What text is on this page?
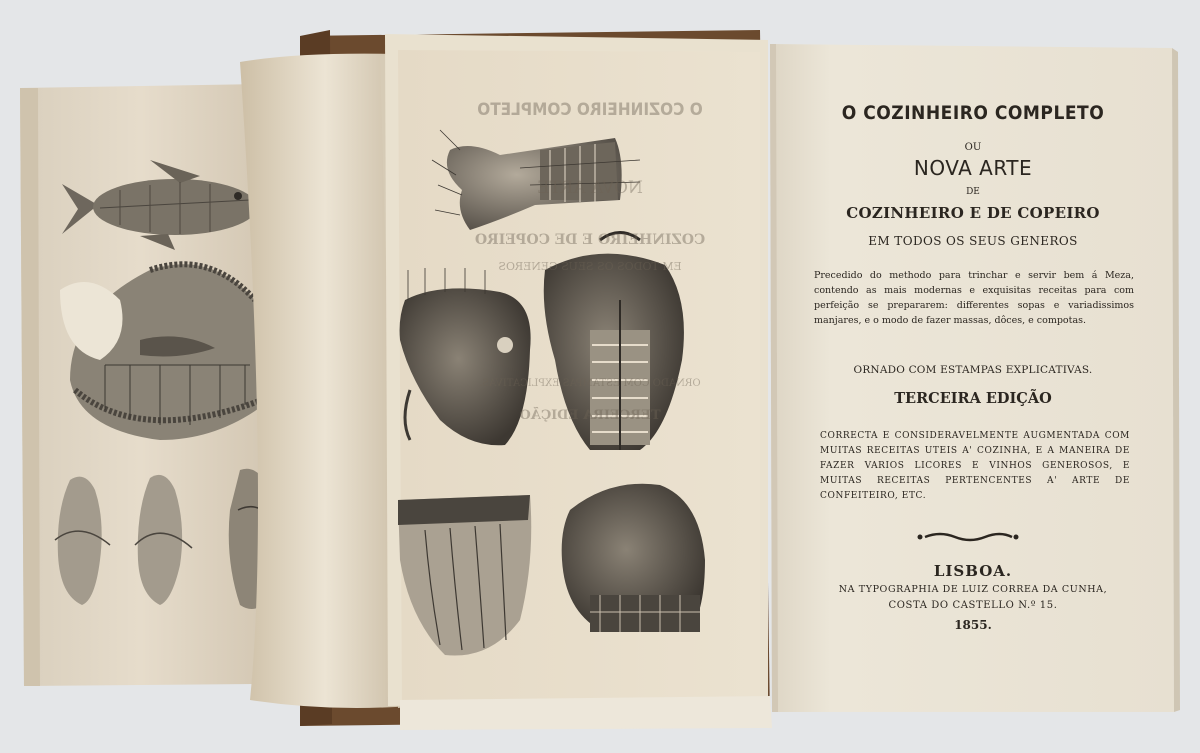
O COZINHEIRO COMPLETO

NOVA ARTE

COZINHEIRO E DE COPEIRO

EM TODOS OS SEUS GENEROS

ORNADO COM ESTAMPAS EXPLICATIVAS.

TERCEIRA EDIÇÃO

O COZINHEIRO COMPLETO

OU

NOVA ARTE

DE

COZINHEIRO E DE COPEIRO

EM TODOS OS SEUS GENEROS

Precedido do methodo para trinchar e servir bem á Meza, contendo as mais modernas e exquisitas receitas para com perfeição se prepararem: differentes sopas e variadissimos manjares, e o modo de fazer massas, dôces, e compotas.

ORNADO COM ESTAMPAS EXPLICATIVAS.

TERCEIRA EDIÇÃO

CORRECTA E CONSIDERAVELMENTE AUGMENTADA COM MUITAS RECEITAS UTEIS A' COZINHA, E A MANEIRA DE FAZER VARIOS LICORES E VINHOS GENEROSOS, E MUITAS RECEITAS PERTENCENTES A' ARTE DE CONFEITEIRO, ETC.

LISBOA.

NA TYPOGRAPHIA DE LUIZ CORREA DA CUNHA,

COSTA DO CASTELLO N.º 15.

1855.
